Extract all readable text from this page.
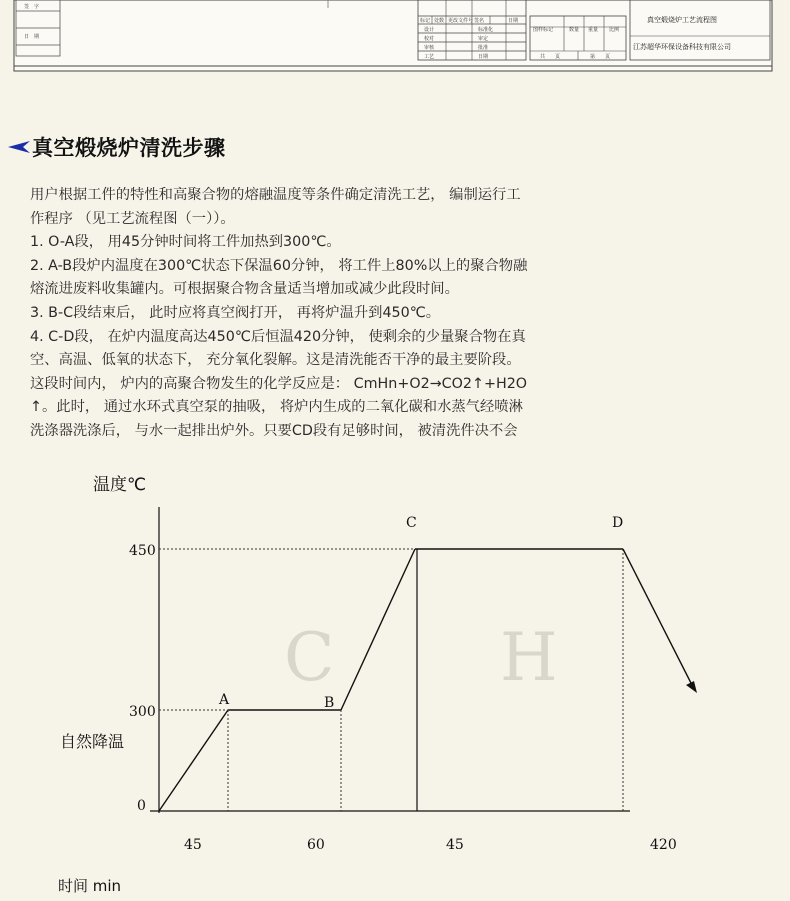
签　字
日　期
标记 处数 更改文件号 签名	日期
设计	标准化
校对	审定
审核	批准
工艺	日期
图样标记	数量 重量 比例
共　　页	第　　页
真空煅烧炉工艺流程图
江苏超华环保设备科技有限公司
真空煅烧炉清洗步骤

用户根据工件的特性和高聚合物的熔融温度等条件确定清洗工艺， 编制运行工

作程序 （见工艺流程图（一））。

1. O-A段， 用45分钟时间将工件加热到300℃。

2. A-B段炉内温度在300℃状态下保温60分钟， 将工件上80%以上的聚合物融

熔流进废料收集罐内。可根据聚合物含量适当增加或减少此段时间。

3. B-C段结束后， 此时应将真空阀打开， 再将炉温升到450℃。

4. C-D段， 在炉内温度高达450℃后恒温420分钟， 使剩余的少量聚合物在真

空、高温、低氧的状态下， 充分氧化裂解。这是清洗能否干净的最主要阶段。

这段时间内， 炉内的高聚合物发生的化学反应是： CmHn+O2→CO2↑+H2O

↑。此时， 通过水环式真空泵的抽吸， 将炉内生成的二氧化碳和水蒸气经喷淋

洗涤器洗涤后， 与水一起排出炉外。只要CD段有足够时间， 被清洗件决不会

C	H
温度℃
时间 min
自然降温
0
300
450
45	60	45	420
A	B
C	D
